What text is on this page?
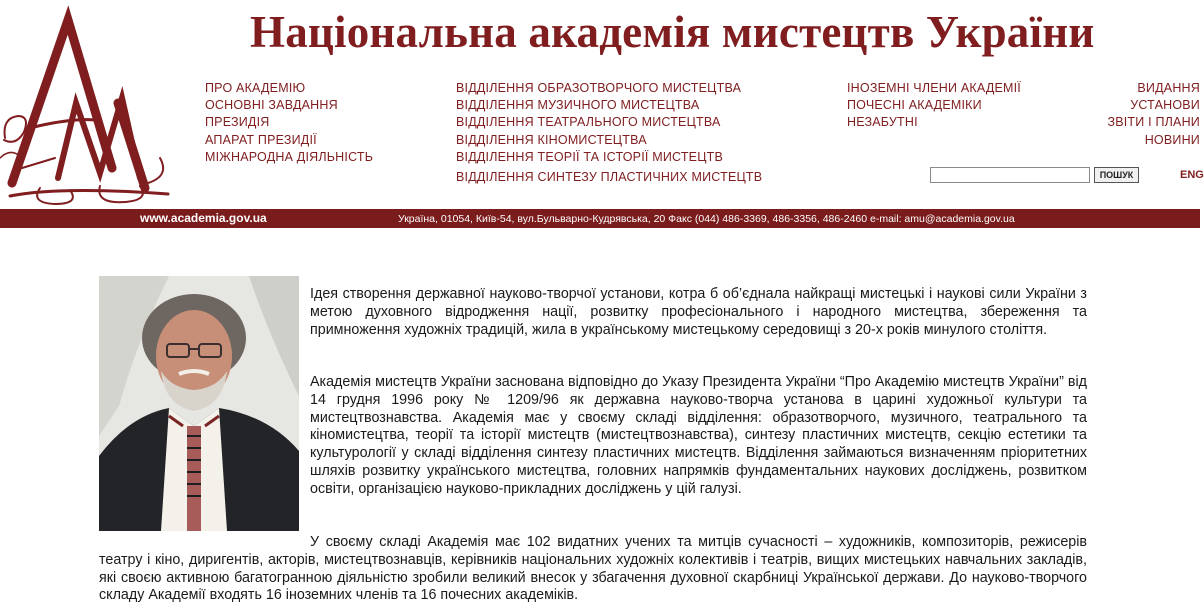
Національна академія мистецтв України
ПРО АКАДЕМІЮ
ОСНОВНІ ЗАВДАННЯ
ПРЕЗИДІЯ
АПАРАТ ПРЕЗИДІЇ
МІЖНАРОДНА ДІЯЛЬНІСТЬ
ВІДДІЛЕННЯ ОБРАЗОТВОРЧОГО МИСТЕЦТВА
ВІДДІЛЕННЯ МУЗИЧНОГО МИСТЕЦТВА
ВІДДІЛЕННЯ ТЕАТРАЛЬНОГО МИСТЕЦТВА
ВІДДІЛЕННЯ КІНОМИСТЕЦТВА
ВІДДІЛЕННЯ ТЕОРІЇ ТА ІСТОРІЇ МИСТЕЦТВ
ВІДДІЛЕННЯ СИНТЕЗУ ПЛАСТИЧНИХ МИСТЕЦТВ
ІНОЗЕМНІ ЧЛЕНИ АКАДЕМІЇ
ПОЧЕСНІ АКАДЕМІКИ
НЕЗАБУТНІ
ВИДАННЯ
УСТАНОВИ
ЗВІТИ І ПЛАНИ
НОВИНИ
ПОШУК	ENG
www.academia.gov.ua	Україна, 01054, Київ-54, вул.Бульварно-Кудрявська, 20 Факс (044) 486-3369, 486-3356, 486-2460 e-mail: amu@academia.gov.ua

Ідея створення державної науково-творчої установи, котра б об’єднала найкращі мистецькі і наукові сили України з метою духовного відродження нації, розвитку професіонального і народного мистецтва, збереження та примноження художніх традицій, жила в українському мистецькому середовищі з 20-х років минулого століття.

Академія мистецтв України заснована відповідно до Указу Президента України “Про Академію мистецтв України” від 14 грудня 1996 року № 1209/96 як державна науково-творча установа в царині художньої культури та мистецтвознавства. Академія має у своєму складі відділення: образотворчого, музичного, театрального та кіномистецтва, теорії та історії мистецтв (мистецтвознавства), синтезу пластичних мистецтв, секцію естетики та культурології у складі відділення синтезу пластичних мистецтв. Відділення займаються визначенням пріоритетних шляхів розвитку українського мистецтва, головних напрямків фундаментальних наукових досліджень, розвитком освіти, організацією науково-прикладних досліджень у цій галузі.

У своєму складі Академія має 102 видатних учених та митців сучасності – художників, композиторів, режисерів театру і кіно, диригентів, акторів, мистецтвознавців, керівників національних художніх колективів і театрів, вищих мистецьких навчальних закладів, які своєю активною багатогранною діяльністю зробили великий внесок у збагачення духовної скарбниці Української держави. До науково-творчого складу Академії входять 16 іноземних членів та 16 почесних академіків.
